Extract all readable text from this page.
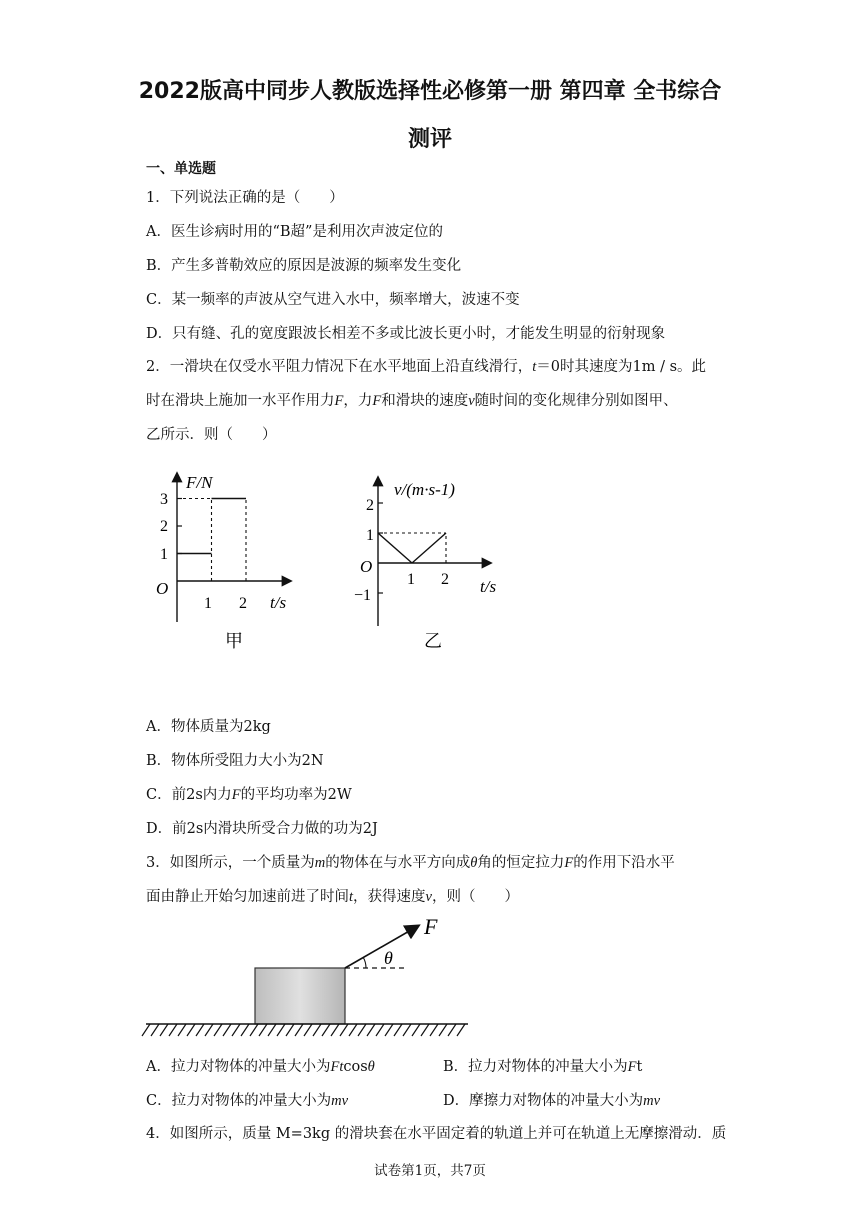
2022版高中同步人教版选择性必修第一册 第四章 全书综合
测评
一、单选题
1．下列说法正确的是（　　）
A．医生诊病时用的“B超”是利用次声波定位的
B．产生多普勒效应的原因是波源的频率发生变化
C．某一频率的声波从空气进入水中，频率增大，波速不变
D．只有缝、孔的宽度跟波长相差不多或比波长更小时，才能发生明显的衍射现象
2．一滑块在仅受水平阻力情况下在水平地面上沿直线滑行，t＝0时其速度为1m / s。此
时在滑块上施加一水平作用力F，力F和滑块的速度v随时间的变化规律分别如图甲、
乙所示．则（　　）
F/N
t/s
O
1
2
3
1 2
甲
v/(m·s-1)
t/s
O
2
1
−1
1 2
乙
A．物体质量为2kg
B．物体所受阻力大小为2N
C．前2s内力F的平均功率为2W
D．前2s内滑块所受合力做的功为2J
3．如图所示，一个质量为m的物体在与水平方向成θ角的恒定拉力F的作用下沿水平
面由静止开始匀加速前进了时间t，获得速度v，则（　　）
F
θ
A．拉力对物体的冲量大小为Ftcosθ	B．拉力对物体的冲量大小为Ft
C．拉力对物体的冲量大小为mv	D．摩擦力对物体的冲量大小为mv
4．如图所示，质量 M=3kg 的滑块套在水平固定着的轨道上并可在轨道上无摩擦滑动．质
试卷第1页，共7页
